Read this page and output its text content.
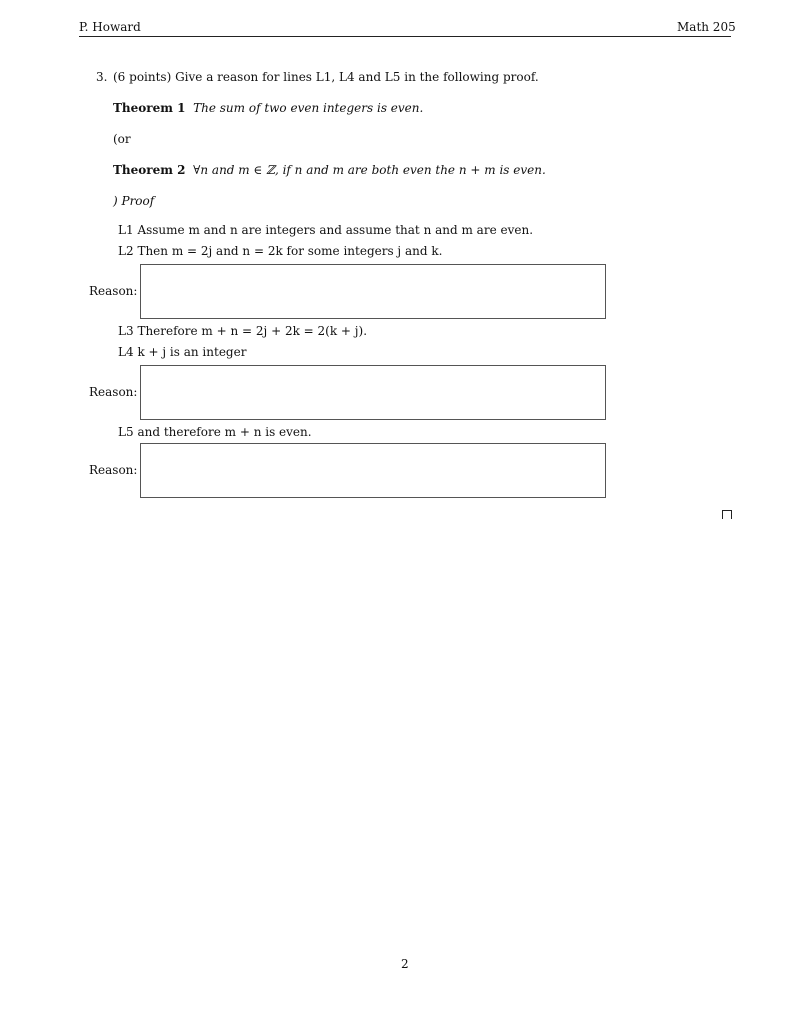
P. Howard	Math 205
3. (6 points) Give a reason for lines L1, L4 and L5 in the following proof.
Theorem 1 The sum of two even integers is even.
(or
Theorem 2 ∀n and m ∈ ℤ, if n and m are both even the n + m is even.
) Proof
L1 Assume m and n are integers and assume that n and m are even.
L2 Then m = 2j and n = 2k for some integers j and k.
Reason:
L3 Therefore m + n = 2j + 2k = 2(k + j).
L4 k + j is an integer
Reason:
L5 and therefore m + n is even.
Reason:
2
